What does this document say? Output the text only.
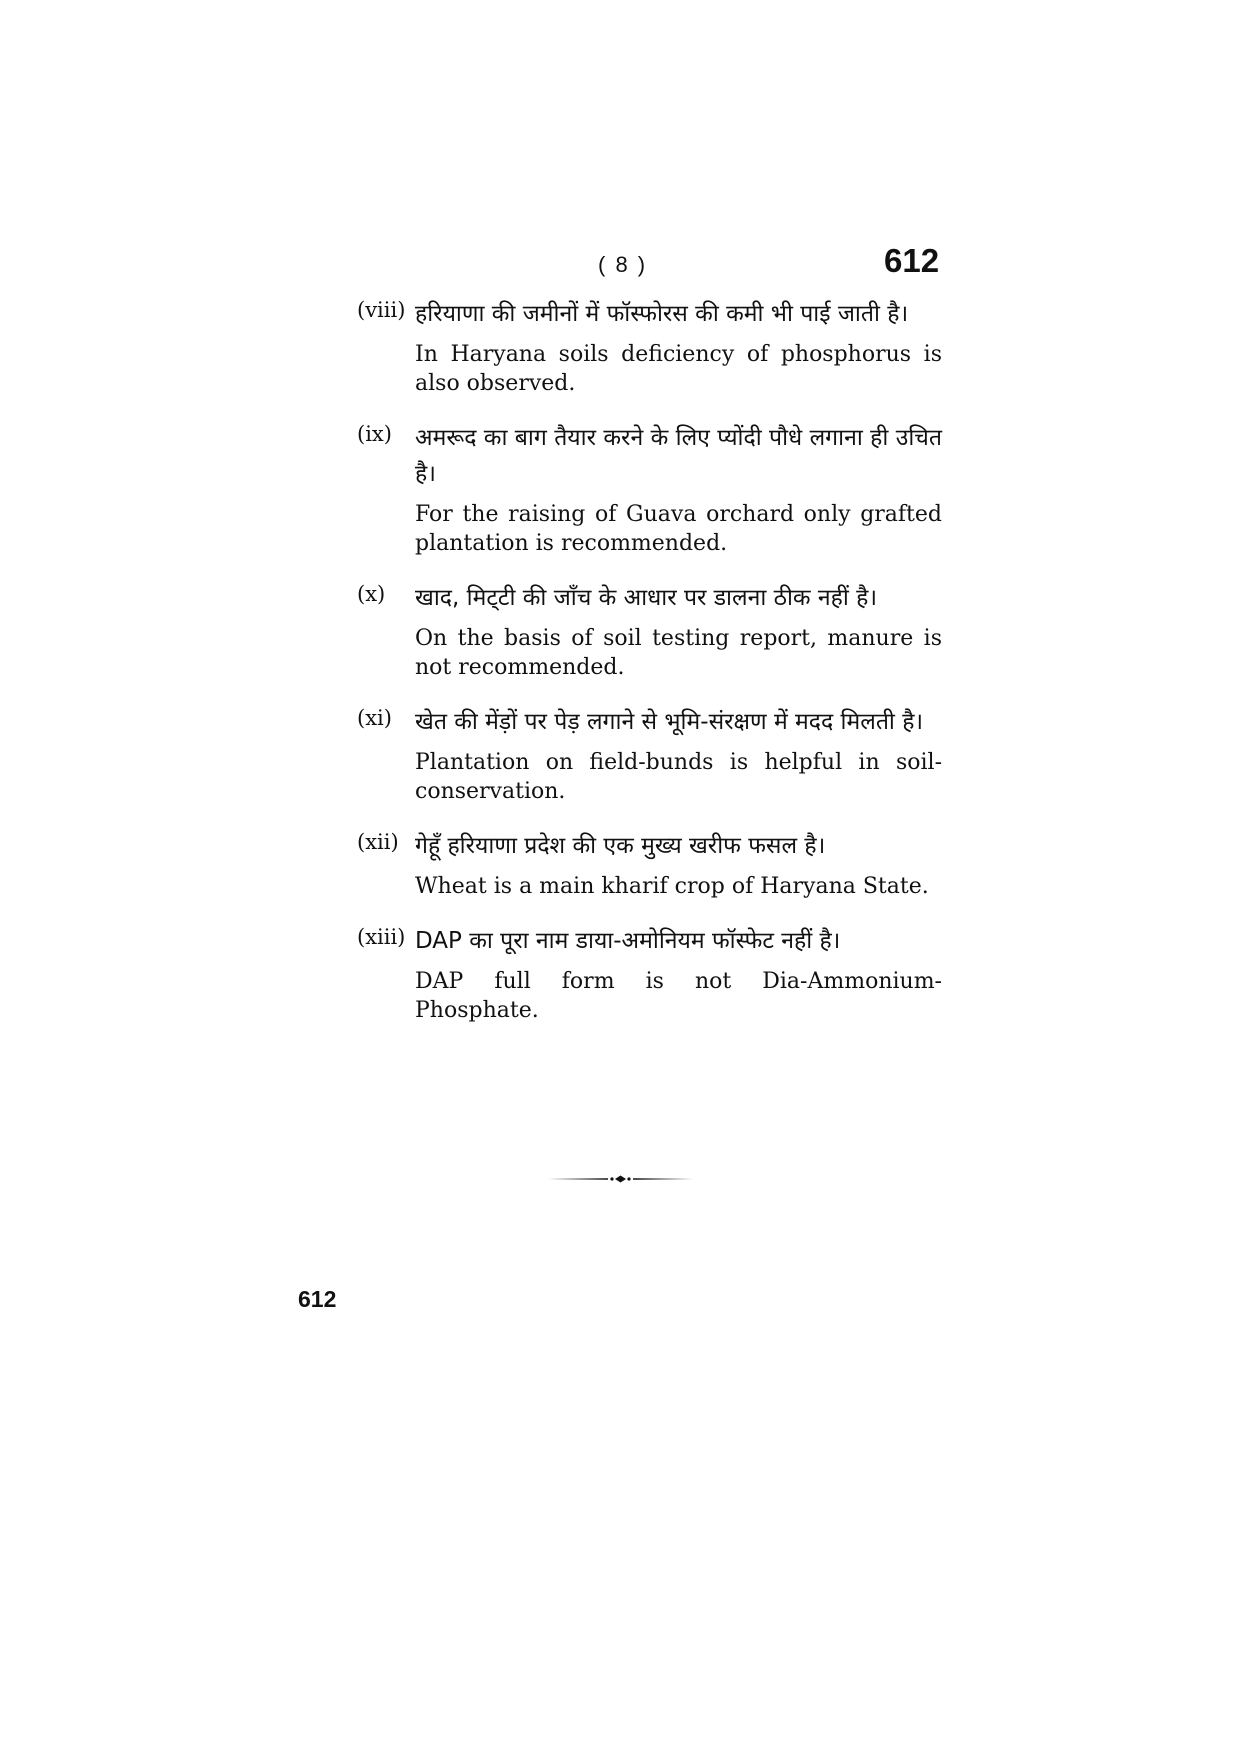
( 8 )	612
(viii) हरियाणा की जमीनों में फॉस्फोरस की कमी भी पाई जाती है।
In Haryana soils deficiency of phosphorus is also observed.
(ix) अमरूद का बाग तैयार करने के लिए प्योंदी पौधे लगाना ही उचित है।
For the raising of Guava orchard only grafted plantation is recommended.
(x) खाद, मिट्‌टी की जाँच के आधार पर डालना ठीक नहीं है।
On the basis of soil testing report, manure is not recommended.
(xi) खेत की मेंड़ों पर पेड़ लगाने से भूमि-संरक्षण में मदद मिलती है।
Plantation on field-bunds is helpful in soil-conservation.
(xii) गेहूँ हरियाणा प्रदेश की एक मुख्य खरीफ फसल है।
Wheat is a main kharif crop of Haryana State.
(xiii) DAP का पूरा नाम डाया-अमोनियम फॉस्फेट नहीं है।
DAP full form is not Dia-Ammonium-Phosphate.
612
